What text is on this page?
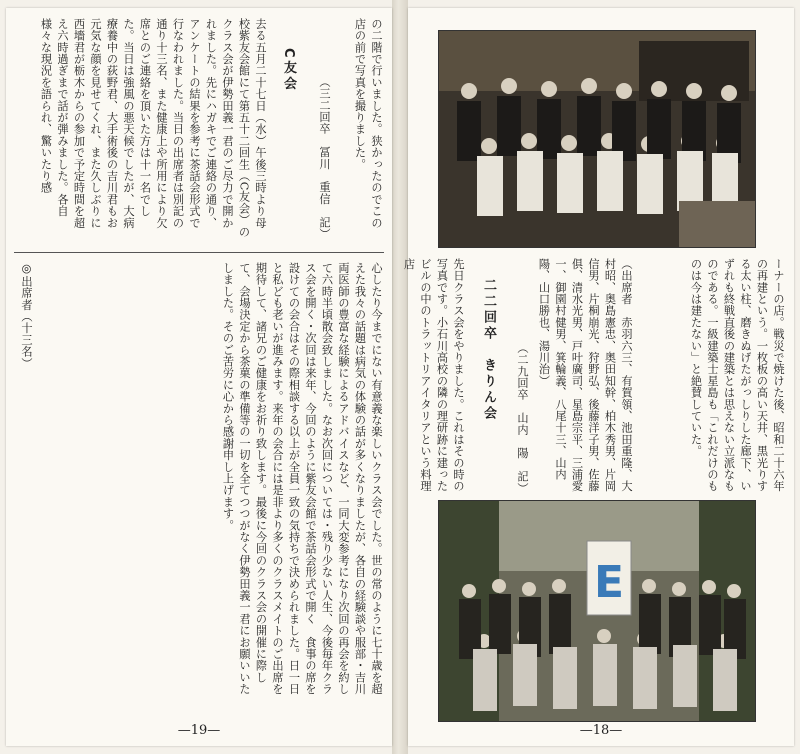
の二階で行いました。狭かったのでこの店の前で写真を撮りました。

（三二回卒　冨川　重信　記）

C友会

去る五月二十七日（水）午後三時より母校紫友会館にて第五十二回生（C友会）のクラス会が伊勢田義一君のご尽力で開かれました。先にハガキでご連絡の通り、アンケートの結果を参考に茶話会形式で行なわれました。当日の出席者は別記の通り十三名、また健康上や所用により欠席とのご連絡を頂いた方は十一名でした。当日は強風の悪天候でしたが、大病療養中の荻野君、大手術後の吉川君もお元気な顔を見せてくれ、また久しぶりに西墻君が栃木からの参加で予定時間を超え六時過ぎまで話が弾みました。各自様々な現況を語られ、驚いたり感

心したり今までにない有意義な楽しいクラス会でした。世の常のように七十歳を超えた我々の話題は病気の体験の話が多くなりましたが、各自の経験談や服部・吉川両医師の豊富な経験によるアドバイスなど、一同大変参考になり次回の再会を約して六時半頃散会致しました。なお次回については・残り少ない人生、今後毎年クラス会を開く・次回は来年、今回のように紫友会館で茶話会形式で開く　食事の席を設けての会合はその際相談する以上が全員一致の気持ちで決められました。日一日と私ども老いが進みます。来年の会合には是非より多くのクラスメイトのご出席を期待して、諸兄のご健康をお祈り致します。最後に今回のクラス会の開催に際して、会場決定から茶菓の準備等の一切を全てつつがなく伊勢田義一君にお願いいたしました。そのご苦労に心から感謝申し上げます。

◎出席者（十三名）

—19—

ーナーの店。戦災で焼けた後、昭和二十六年の再建という。一枚板の高い天井、黒光りする太い柱、磨きぬげたがっしりした廊下、いずれも終戦直後の建築とは思えない立派なものである。一級建築士星島も「これだけのものは今は建たない」と絶賛していた。

（出席者　赤羽六三、有賀領、池田重隆、大村昭、奥島憲忠、奥田知幹、柏木秀男、片岡信男、片桐崩光、狩野弘、後藤洋子男、佐藤俱、清水光男、戸叶廣司、星島宗平、三浦愛一、御園村健男、箕輪義、八尾十三、山内陽、山口勝也、湯川治）

（二九回卒　山内　陽　記）

二二回卒　きりん会

先日クラス会をやりました。これはその時の写真です。小石川高校の隣の理研跡に建ったビルの中のトラットリアイタリアという料理店

E
—18—
